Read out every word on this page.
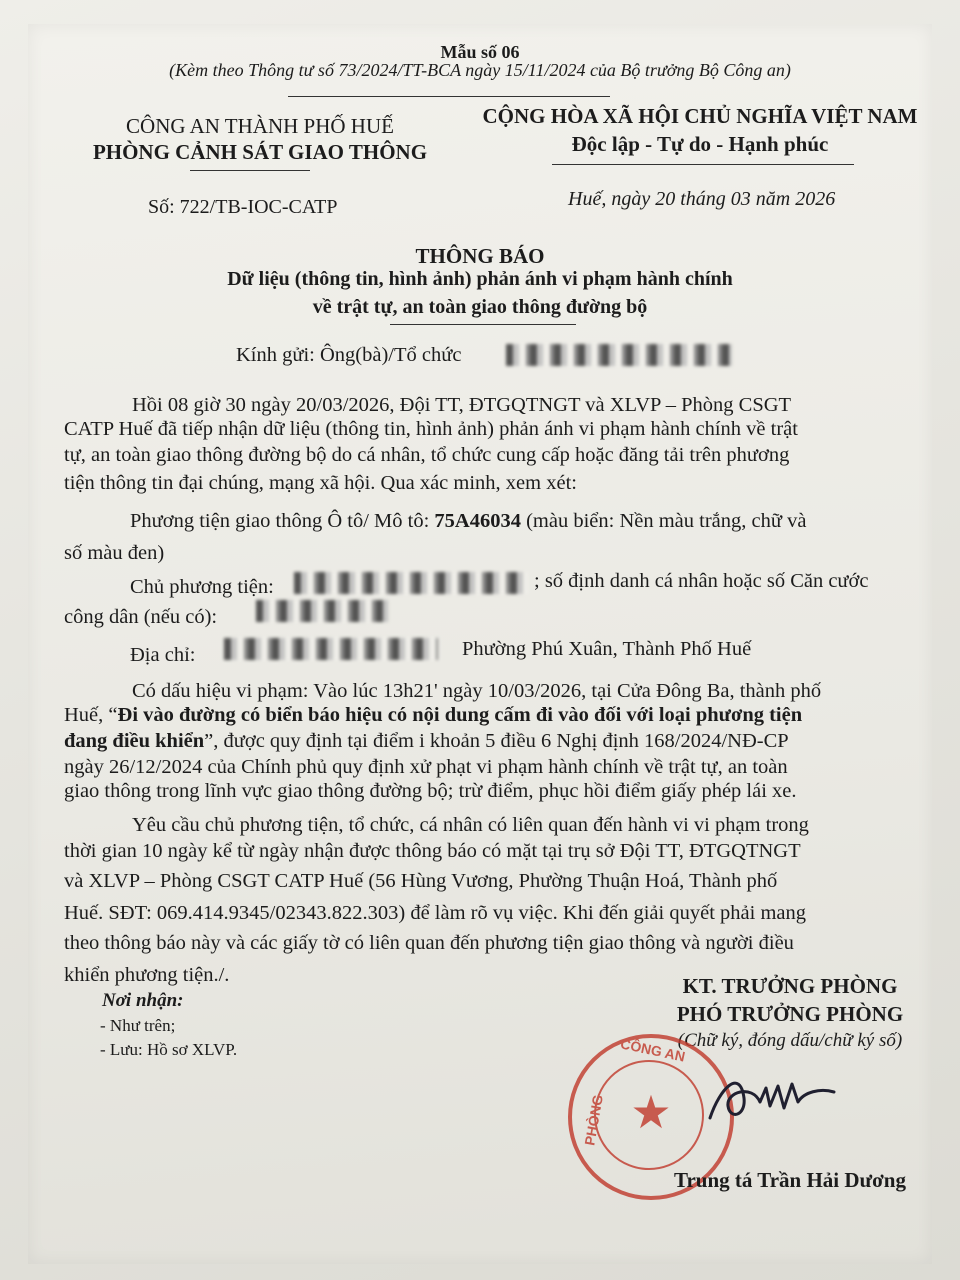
Mẫu số 06
(Kèm theo Thông tư số 73/2024/TT-BCA ngày 15/11/2024 của Bộ trưởng Bộ Công an)
CÔNG AN THÀNH PHỐ HUẾ
PHÒNG CẢNH SÁT GIAO THÔNG
CỘNG HÒA XÃ HỘI CHỦ NGHĨA VIỆT NAM
Độc lập - Tự do - Hạnh phúc
Số: 722/TB-IOC-CATP	Huế, ngày 20 tháng 03 năm 2026
THÔNG BÁO
Dữ liệu (thông tin, hình ảnh) phản ánh vi phạm hành chính
về trật tự, an toàn giao thông đường bộ
Kính gửi: Ông(bà)/Tổ chức
Hồi 08 giờ 30 ngày 20/03/2026, Đội TT, ĐTGQTNGT và XLVP – Phòng CSGT
CATP Huế đã tiếp nhận dữ liệu (thông tin, hình ảnh) phản ánh vi phạm hành chính về trật
tự, an toàn giao thông đường bộ do cá nhân, tổ chức cung cấp hoặc đăng tải trên phương
tiện thông tin đại chúng, mạng xã hội. Qua xác minh, xem xét:
Phương tiện giao thông Ô tô/ Mô tô: 75A46034 (màu biển: Nền màu trắng, chữ và
số màu đen)
Chủ phương tiện:	; số định danh cá nhân hoặc số Căn cước
công dân (nếu có):
Địa chỉ:	Phường Phú Xuân, Thành Phố Huế
Có dấu hiệu vi phạm: Vào lúc 13h21' ngày 10/03/2026, tại Cửa Đông Ba, thành phố
Huế, “Đi vào đường có biển báo hiệu có nội dung cấm đi vào đối với loại phương tiện
đang điều khiển”, được quy định tại điểm i khoản 5 điều 6 Nghị định 168/2024/NĐ-CP
ngày 26/12/2024 của Chính phủ quy định xử phạt vi phạm hành chính về trật tự, an toàn
giao thông trong lĩnh vực giao thông đường bộ; trừ điểm, phục hồi điểm giấy phép lái xe.
Yêu cầu chủ phương tiện, tổ chức, cá nhân có liên quan đến hành vi vi phạm trong
thời gian 10 ngày kể từ ngày nhận được thông báo có mặt tại trụ sở Đội TT, ĐTGQTNGT
và XLVP – Phòng CSGT CATP Huế (56 Hùng Vương, Phường Thuận Hoá, Thành phố
Huế. SĐT: 069.414.9345/02343.822.303) để làm rõ vụ việc. Khi đến giải quyết phải mang
theo thông báo này và các giấy tờ có liên quan đến phương tiện giao thông và người điều
khiển phương tiện./.
Nơi nhận:
- Như trên;
- Lưu: Hồ sơ XLVP.
KT. TRƯỞNG PHÒNG
PHÓ TRƯỞNG PHÒNG
(Chữ ký, đóng dấu/chữ ký số)
★
CÔNG AN
PHÒNG
Trung tá Trần Hải Dương
